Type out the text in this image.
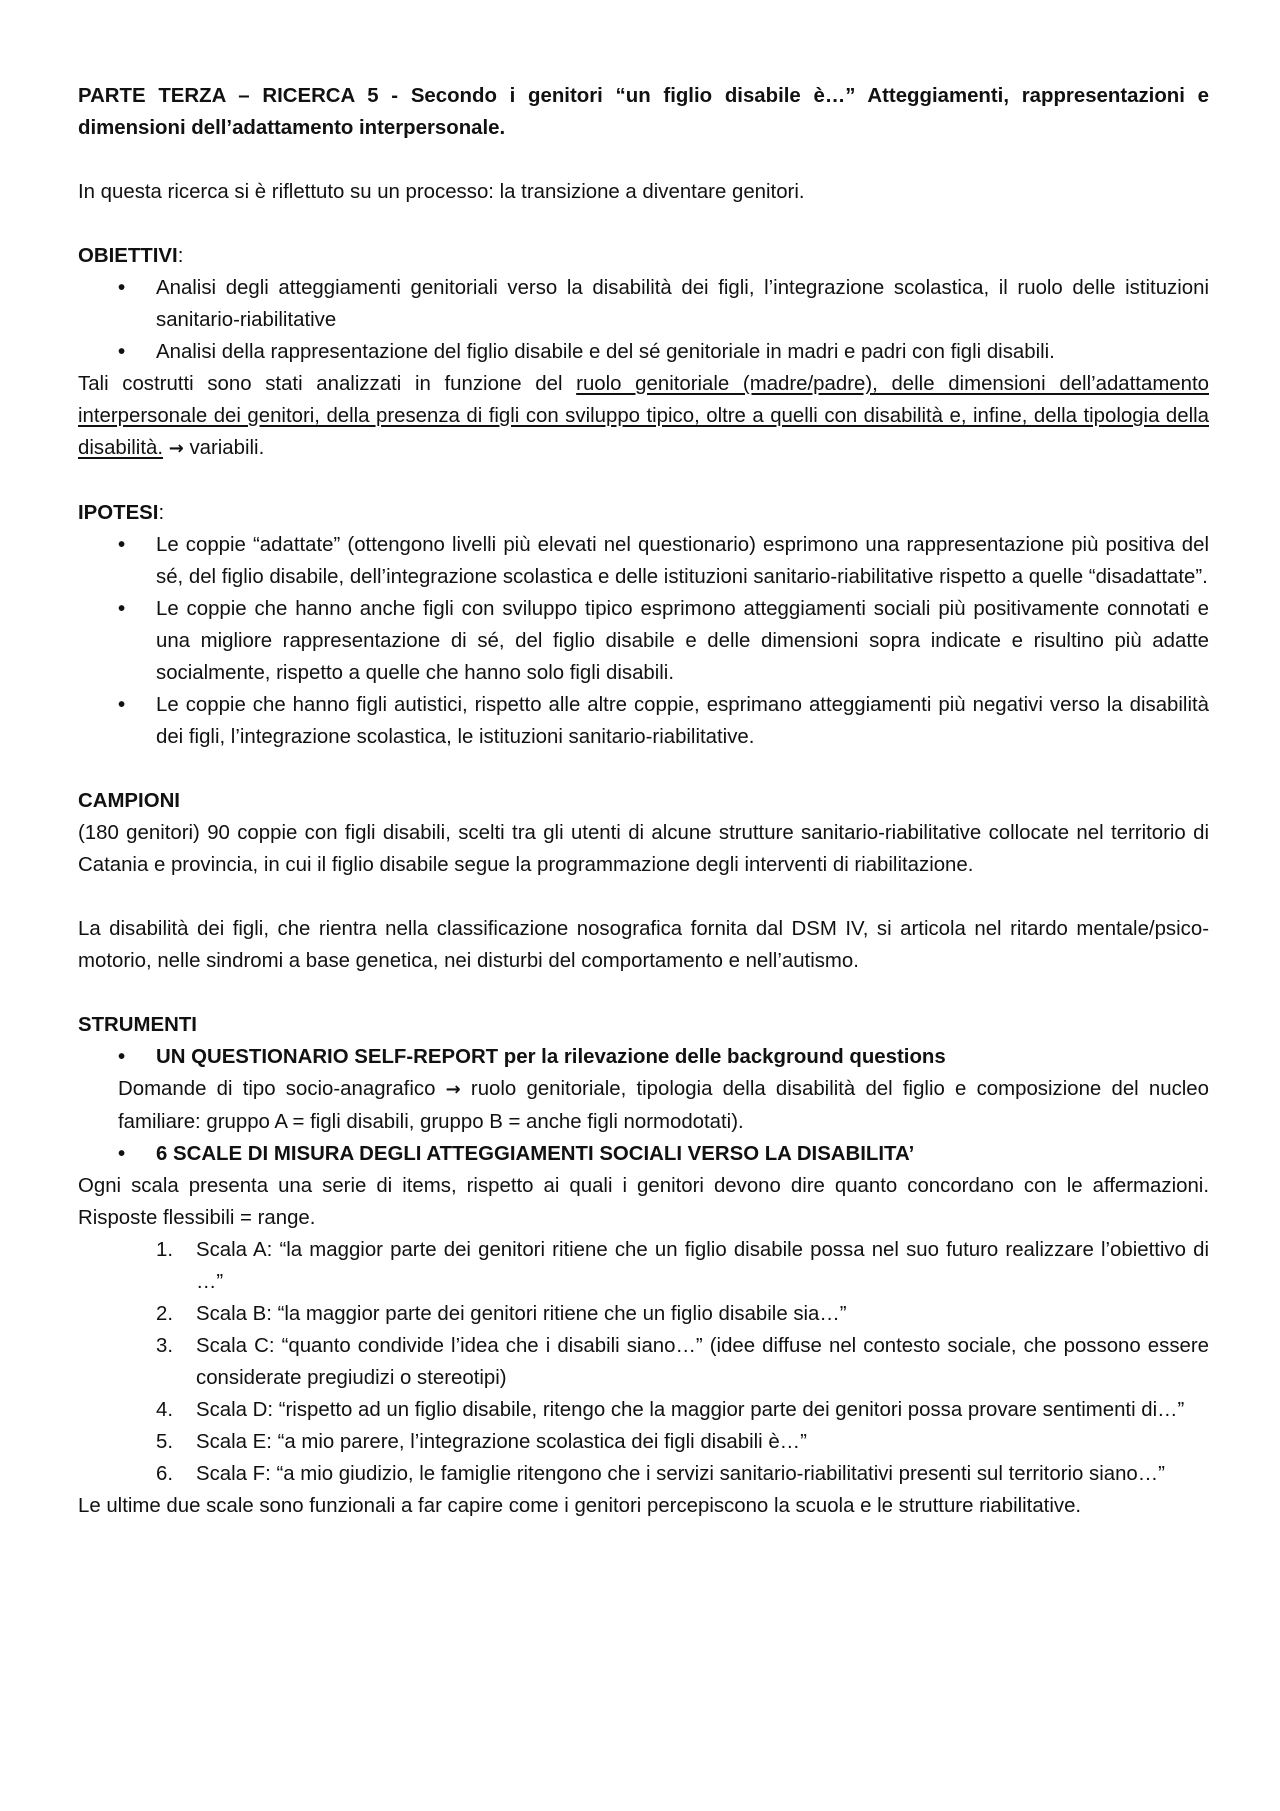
PARTE TERZA – RICERCA 5 - Secondo i genitori “un figlio disabile è…” Atteggiamenti, rappresentazioni e dimensioni dell’adattamento interpersonale.

In questa ricerca si è riflettuto su un processo: la transizione a diventare genitori.

OBIETTIVI:

• Analisi degli atteggiamenti genitoriali verso la disabilità dei figli, l’integrazione scolastica, il ruolo delle istituzioni sanitario-riabilitative
• Analisi della rappresentazione del figlio disabile e del sé genitoriale in madri e padri con figli disabili.

Tali costrutti sono stati analizzati in funzione del ruolo genitoriale (madre/padre), delle dimensioni dell’adattamento interpersonale dei genitori, della presenza di figli con sviluppo tipico, oltre a quelli con disabilità e, infine, della tipologia della disabilità. → variabili.

IPOTESI:

• Le coppie “adattate” (ottengono livelli più elevati nel questionario) esprimono una rappresentazione più positiva del sé, del figlio disabile, dell’integrazione scolastica e delle istituzioni sanitario-riabilitative rispetto a quelle “disadattate”.
• Le coppie che hanno anche figli con sviluppo tipico esprimono atteggiamenti sociali più positivamente connotati e una migliore rappresentazione di sé, del figlio disabile e delle dimensioni sopra indicate e risultino più adatte socialmente, rispetto a quelle che hanno solo figli disabili.
• Le coppie che hanno figli autistici, rispetto alle altre coppie, esprimano atteggiamenti più negativi verso la disabilità dei figli, l’integrazione scolastica, le istituzioni sanitario-riabilitative.

CAMPIONI

(180 genitori) 90 coppie con figli disabili, scelti tra gli utenti di alcune strutture sanitario-riabilitative collocate nel territorio di Catania e provincia, in cui il figlio disabile segue la programmazione degli interventi di riabilitazione.

La disabilità dei figli, che rientra nella classificazione nosografica fornita dal DSM IV, si articola nel ritardo mentale/psico-motorio, nelle sindromi a base genetica, nei disturbi del comportamento e nell’autismo.

STRUMENTI

• UN QUESTIONARIO SELF-REPORT per la rilevazione delle background questions

Domande di tipo socio-anagrafico → ruolo genitoriale, tipologia della disabilità del figlio e composizione del nucleo familiare: gruppo A = figli disabili, gruppo B = anche figli normodotati).

• 6 SCALE DI MISURA DEGLI ATTEGGIAMENTI SOCIALI VERSO LA DISABILITA’

Ogni scala presenta una serie di items, rispetto ai quali i genitori devono dire quanto concordano con le affermazioni. Risposte flessibili = range.

1. Scala A: “la maggior parte dei genitori ritiene che un figlio disabile possa nel suo futuro realizzare l’obiettivo di …”
2. Scala B: “la maggior parte dei genitori ritiene che un figlio disabile sia…”
3. Scala C: “quanto condivide l’idea che i disabili siano…” (idee diffuse nel contesto sociale, che possono essere considerate pregiudizi o stereotipi)
4. Scala D: “rispetto ad un figlio disabile, ritengo che la maggior parte dei genitori possa provare sentimenti di…”
5. Scala E: “a mio parere, l’integrazione scolastica dei figli disabili è…”
6. Scala F: “a mio giudizio, le famiglie ritengono che i servizi sanitario-riabilitativi presenti sul territorio siano…”

Le ultime due scale sono funzionali a far capire come i genitori percepiscono la scuola e le strutture riabilitative.
